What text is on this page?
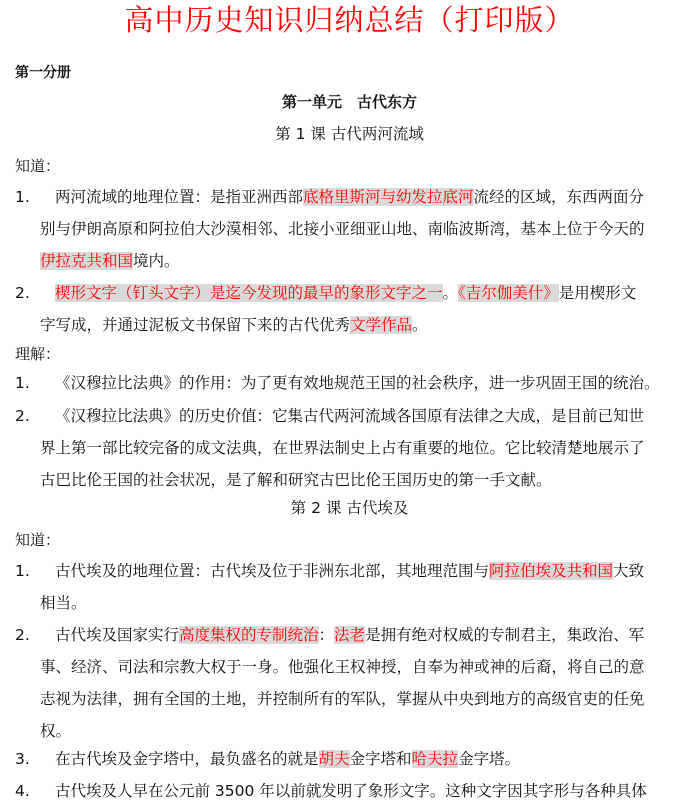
高中历史知识归纳总结（打印版）
第一分册
第一单元　古代东方
第 1 课 古代两河流域
知道：
1. 两河流域的地理位置：是指亚洲西部底格里斯河与幼发拉底河流经的区域，东西两面分
别与伊朗高原和阿拉伯大沙漠相邻、北接小亚细亚山地、南临波斯湾，基本上位于今天的
伊拉克共和国境内。
2. 楔形文字（钉头文字）是迄今发现的最早的象形文字之一。《吉尔伽美什》是用楔形文
字写成，并通过泥板文书保留下来的古代优秀文学作品。
理解：
1. 《汉穆拉比法典》的作用：为了更有效地规范王国的社会秩序，进一步巩固王国的统治。
2. 《汉穆拉比法典》的历史价值：它集古代两河流域各国原有法律之大成，是目前已知世
界上第一部比较完备的成文法典，在世界法制史上占有重要的地位。它比较清楚地展示了
古巴比伦王国的社会状况，是了解和研究古巴比伦王国历史的第一手文献。
第 2 课 古代埃及
知道：
1. 古代埃及的地理位置：古代埃及位于非洲东北部，其地理范围与阿拉伯埃及共和国大致
相当。
2. 古代埃及国家实行高度集权的专制统治：法老是拥有绝对权威的专制君主，集政治、军
事、经济、司法和宗教大权于一身。他强化王权神授，自奉为神或神的后裔，将自己的意
志视为法律，拥有全国的土地，并控制所有的军队，掌握从中央到地方的高级官吏的任免
权。
3. 在古代埃及金字塔中，最负盛名的就是胡夫金字塔和哈夫拉金字塔。
4. 古代埃及人早在公元前 3500 年以前就发明了象形文字。这种文字因其字形与各种具体
